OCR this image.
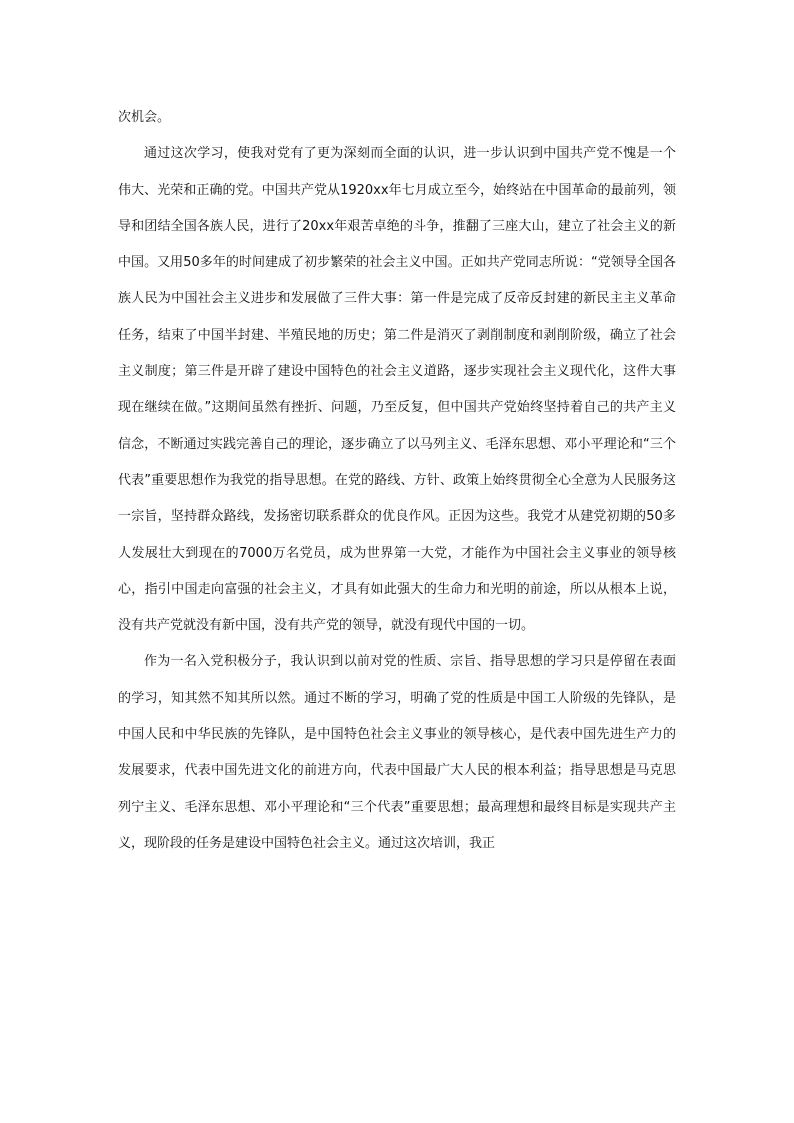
次机会。

通过这次学习，使我对党有了更为深刻而全面的认识，进一步认识到中国共产党不愧是一个伟大、光荣和正确的党。中国共产党从1920xx年七月成立至今，始终站在中国革命的最前列，领导和团结全国各族人民，进行了20xx年艰苦卓绝的斗争，推翻了三座大山，建立了社会主义的新中国。又用50多年的时间建成了初步繁荣的社会主义中国。正如共产党同志所说：“党领导全国各族人民为中国社会主义进步和发展做了三件大事：第一件是完成了反帝反封建的新民主主义革命任务，结束了中国半封建、半殖民地的历史；第二件是消灭了剥削制度和剥削阶级，确立了社会主义制度；第三件是开辟了建设中国特色的社会主义道路，逐步实现社会主义现代化，这件大事现在继续在做。”这期间虽然有挫折、问题，乃至反复，但中国共产党始终坚持着自己的共产主义信念，不断通过实践完善自己的理论，逐步确立了以马列主义、毛泽东思想、邓小平理论和“三个代表”重要思想作为我党的指导思想。在党的路线、方针、政策上始终贯彻全心全意为人民服务这一宗旨，坚持群众路线，发扬密切联系群众的优良作风。正因为这些。我党才从建党初期的50多人发展壮大到现在的7000万名党员，成为世界第一大党，才能作为中国社会主义事业的领导核心，指引中国走向富强的社会主义，才具有如此强大的生命力和光明的前途，所以从根本上说，没有共产党就没有新中国，没有共产党的领导，就没有现代中国的一切。

作为一名入党积极分子，我认识到以前对党的性质、宗旨、指导思想的学习只是停留在表面的学习，知其然不知其所以然。通过不断的学习，明确了党的性质是中国工人阶级的先锋队，是中国人民和中华民族的先锋队，是中国特色社会主义事业的领导核心，是代表中国先进生产力的发展要求，代表中国先进文化的前进方向，代表中国最广大人民的根本利益；指导思想是马克思列宁主义、毛泽东思想、邓小平理论和“三个代表”重要思想；最高理想和最终目标是实现共产主义，现阶段的任务是建设中国特色社会主义。通过这次培训，我正
